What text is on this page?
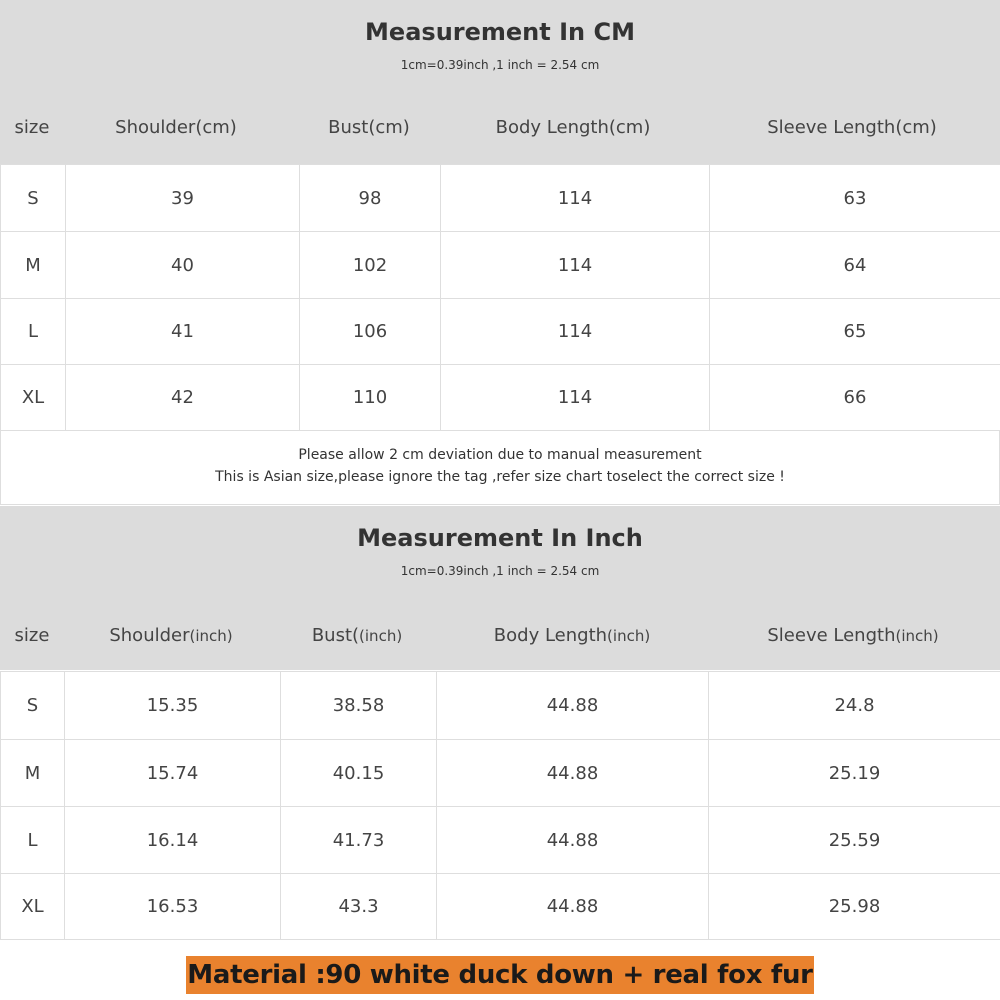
Measurement In CM
1cm=0.39inch ,1 inch = 2.54 cm
size	Shoulder(cm)	Bust(cm)	Body Length(cm)	Sleeve Length(cm)
S	39	98	114	63
M	40	102	114	64
L	41	106	114	65
XL	42	110	114	66
Please allow 2 cm deviation due to manual measurement
This is Asian size,please ignore the tag ,refer size chart toselect the correct size !
Measurement In Inch
1cm=0.39inch ,1 inch = 2.54 cm
size	Shoulder(inch)	Bust((inch)	Body Length(inch)	Sleeve Length(inch)
S	15.35	38.58	44.88	24.8
M	15.74	40.15	44.88	25.19
L	16.14	41.73	44.88	25.59
XL	16.53	43.3	44.88	25.98
Material :90 white duck down + real fox fur
